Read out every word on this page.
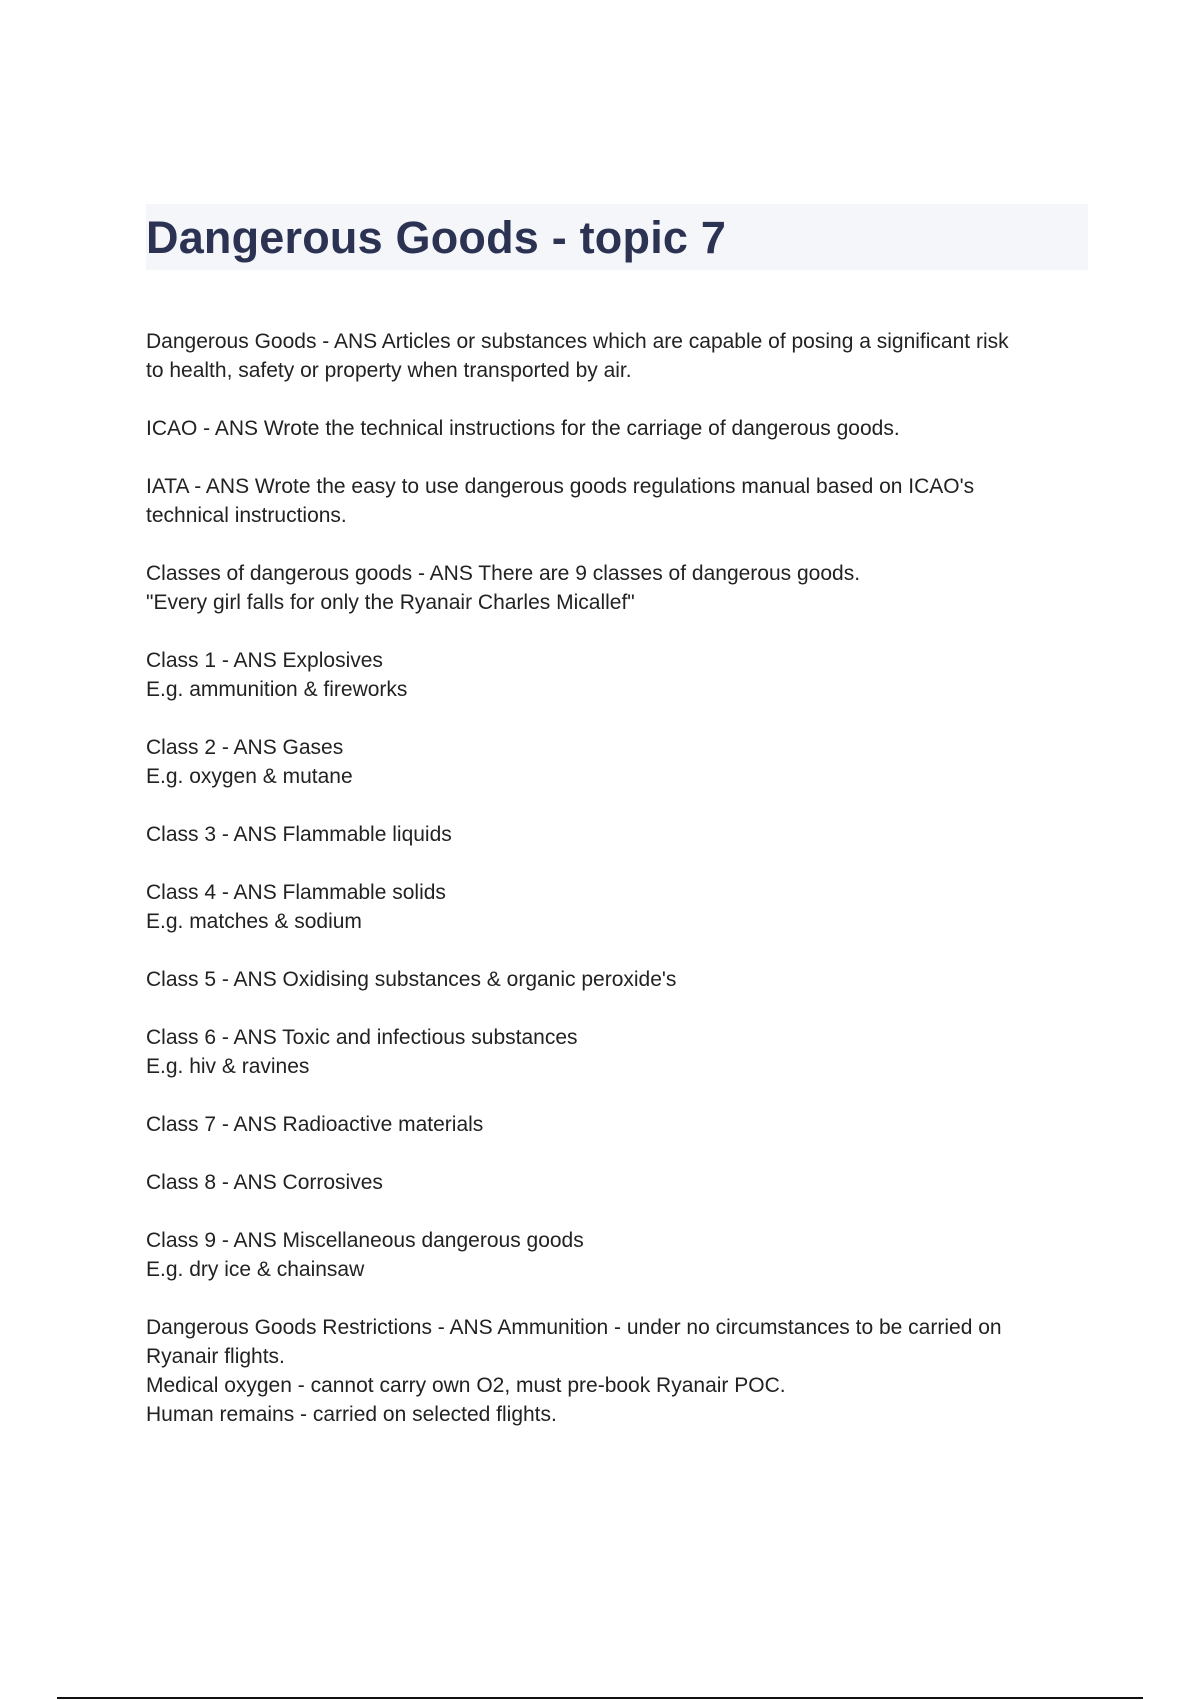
Dangerous Goods - topic 7

Dangerous Goods - ANS Articles or substances which are capable of posing a significant risk
to health, safety or property when transported by air.

ICAO - ANS Wrote the technical instructions for the carriage of dangerous goods.

IATA - ANS Wrote the easy to use dangerous goods regulations manual based on ICAO's
technical instructions.

Classes of dangerous goods - ANS There are 9 classes of dangerous goods.
"Every girl falls for only the Ryanair Charles Micallef"

Class 1 - ANS Explosives
E.g. ammunition & fireworks

Class 2 - ANS Gases
E.g. oxygen & mutane

Class 3 - ANS Flammable liquids

Class 4 - ANS Flammable solids
E.g. matches & sodium

Class 5 - ANS Oxidising substances & organic peroxide's

Class 6 - ANS Toxic and infectious substances
E.g. hiv & ravines

Class 7 - ANS Radioactive materials

Class 8 - ANS Corrosives

Class 9 - ANS Miscellaneous dangerous goods
E.g. dry ice & chainsaw

Dangerous Goods Restrictions - ANS Ammunition - under no circumstances to be carried on
Ryanair flights.
Medical oxygen - cannot carry own O2, must pre-book Ryanair POC.
Human remains - carried on selected flights.
